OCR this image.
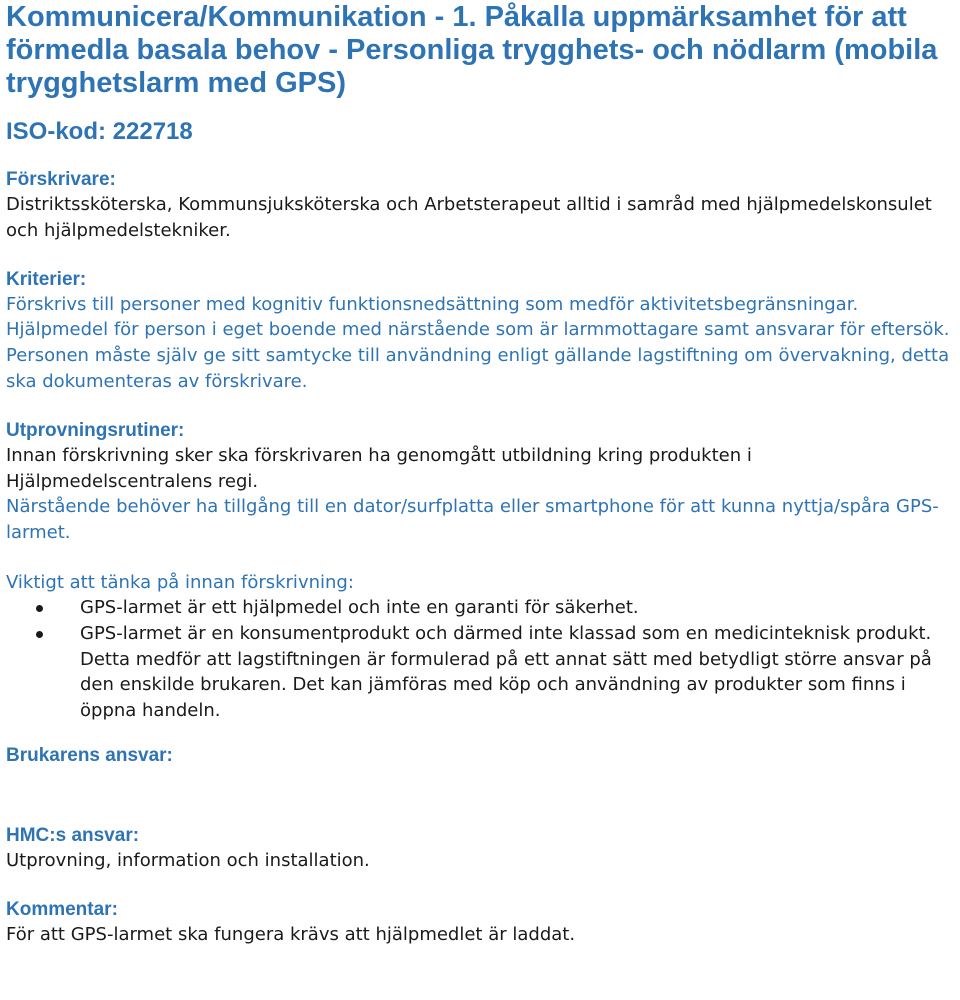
Kommunicera/Kommunikation - 1. Påkalla uppmärksamhet för att förmedla basala behov - Personliga trygghets- och nödlarm (mobila trygghetslarm med GPS)
ISO-kod: 222718
Förskrivare:

Distriktssköterska, Kommunsjuksköterska och Arbetsterapeut alltid i samråd med hjälpmedelskonsulet och hjälpmedelstekniker.

Kriterier:

Förskrivs till personer med kognitiv funktionsnedsättning som medför aktivitetsbegränsningar. Hjälpmedel för person i eget boende med närstående som är larmmottagare samt ansvarar för eftersök. Personen måste själv ge sitt samtycke till användning enligt gällande lagstiftning om övervakning, detta ska dokumenteras av förskrivare.

Utprovningsrutiner:

Innan förskrivning sker ska förskrivaren ha genomgått utbildning kring produkten i Hjälpmedelscentralens regi.

Närstående behöver ha tillgång till en dator/surfplatta eller smartphone för att kunna nyttja/spåra GPS-larmet.

Viktigt att tänka på innan förskrivning:
GPS-larmet är ett hjälpmedel och inte en garanti för säkerhet.
GPS-larmet är en konsumentprodukt och därmed inte klassad som en medicinteknisk produkt. Detta medför att lagstiftningen är formulerad på ett annat sätt med betydligt större ansvar på den enskilde brukaren. Det kan jämföras med köp och användning av produkter som finns i öppna handeln.
Brukarens ansvar:
HMC:s ansvar:

Utprovning, information och installation.

Kommentar:

För att GPS-larmet ska fungera krävs att hjälpmedlet är laddat.
